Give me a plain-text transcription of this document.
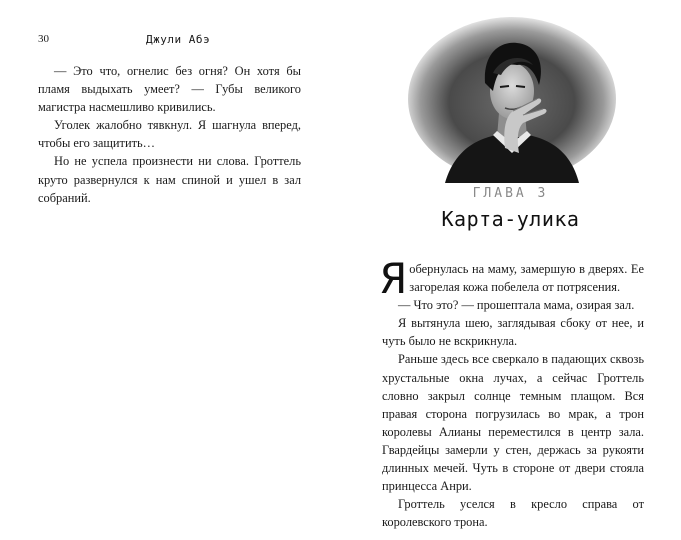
30	Джули Абэ

— Это что, огнелис без огня? Он хотя бы пламя выдыхать умеет? — Губы великого магистра насмешливо кривились.

Уголек жалобно тявкнул. Я шагнула вперед, чтобы его защитить…

Но не успела произнести ни слова. Гроттель круто развернулся к нам спиной и ушел в зал собраний.	ГЛАВА 3
Карта-улика

Яобернулась на маму, замершую в дверях. Ее загорелая кожа побелела от потрясения.

— Что это? — прошептала мама, озирая зал.

Я вытянула шею, заглядывая сбоку от нее, и чуть было не вскрикнула.

Раньше здесь все сверкало в падающих сквозь хрустальные окна лучах, а сейчас Гроттель словно закрыл солнце темным плащом. Вся правая сторона погрузилась во мрак, а трон королевы Алианы переместился в центр зала. Гвардейцы замерли у стен, держась за рукояти длинных мечей. Чуть в стороне от двери стояла принцесса Анри.

Гроттель уселся в кресло справа от королевского трона.
